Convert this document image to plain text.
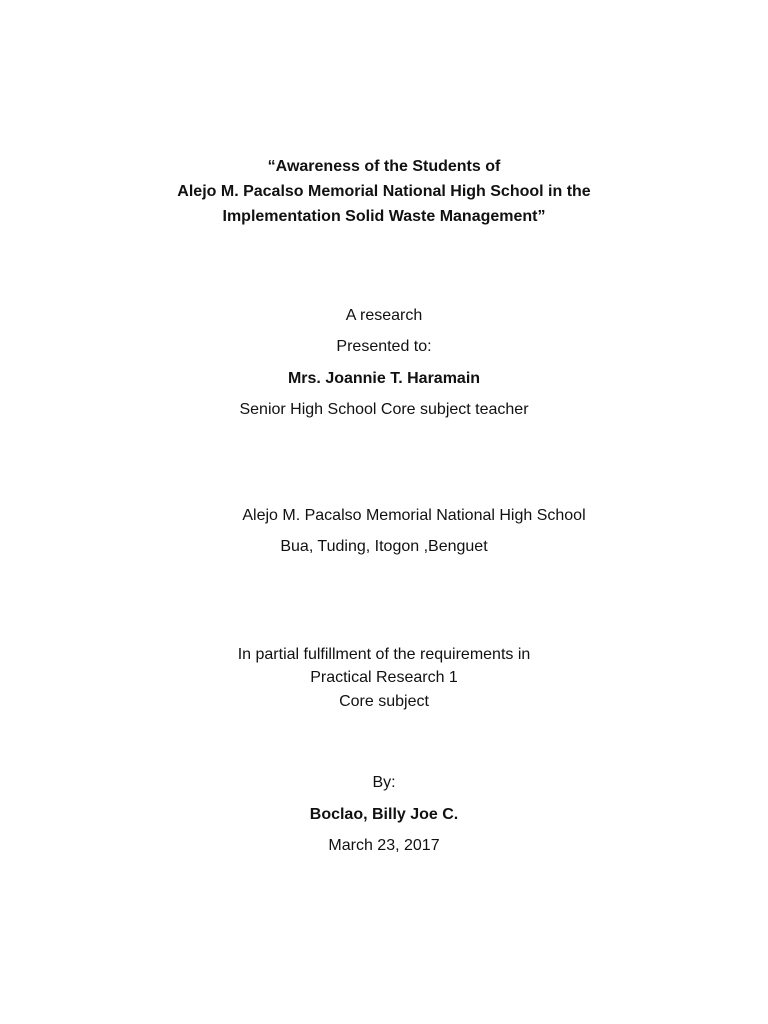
“Awareness of the Students of
Alejo M. Pacalso Memorial National High School in the
Implementation Solid Waste Management”
A research
Presented to:
Mrs. Joannie T. Haramain
Senior High School Core subject teacher
Alejo M. Pacalso Memorial National High School
Bua, Tuding, Itogon ,Benguet
In partial fulfillment of the requirements in
Practical Research 1
Core subject
By:
Boclao, Billy Joe C.
March 23, 2017
